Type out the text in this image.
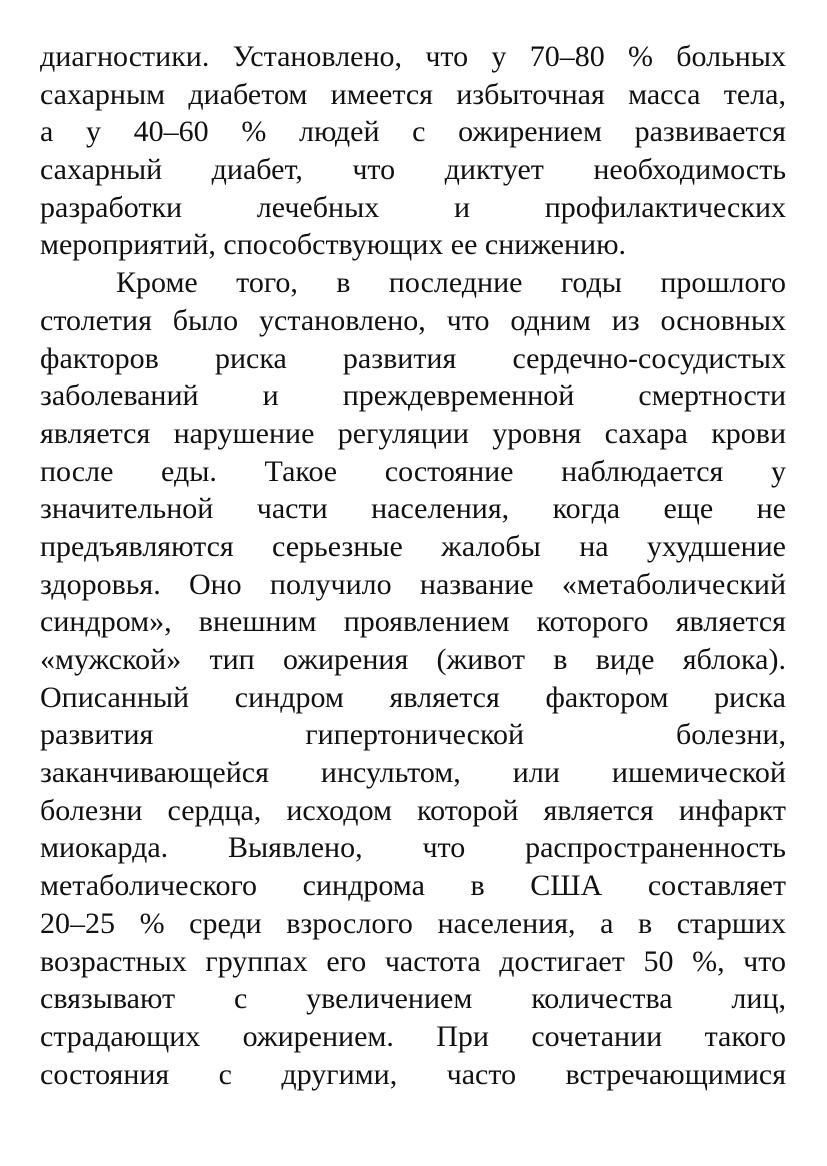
диагностики. Установлено, что у 70–80 % больных
сахарным диабетом имеется избыточная масса тела,
а у 40–60 % людей с ожирением развивается
сахарный диабет, что диктует необходимость
разработки лечебных и профилактических
мероприятий, способствующих ее снижению.
Кроме того, в последние годы прошлого
столетия было установлено, что одним из основных
факторов риска развития сердечно-сосудистых
заболеваний и преждевременной смертности
является нарушение регуляции уровня сахара крови
после еды. Такое состояние наблюдается у
значительной части населения, когда еще не
предъявляются серьезные жалобы на ухудшение
здоровья. Оно получило название «метаболический
синдром», внешним проявлением которого является
«мужской» тип ожирения (живот в виде яблока).
Описанный синдром является фактором риска
развития гипертонической болезни,
заканчивающейся инсультом, или ишемической
болезни сердца, исходом которой является инфаркт
миокарда. Выявлено, что распространенность
метаболического синдрома в США составляет
20–25 % среди взрослого населения, а в старших
возрастных группах его частота достигает 50 %, что
связывают с увеличением количества лиц,
страдающих ожирением. При сочетании такого
состояния с другими, часто встречающимися
